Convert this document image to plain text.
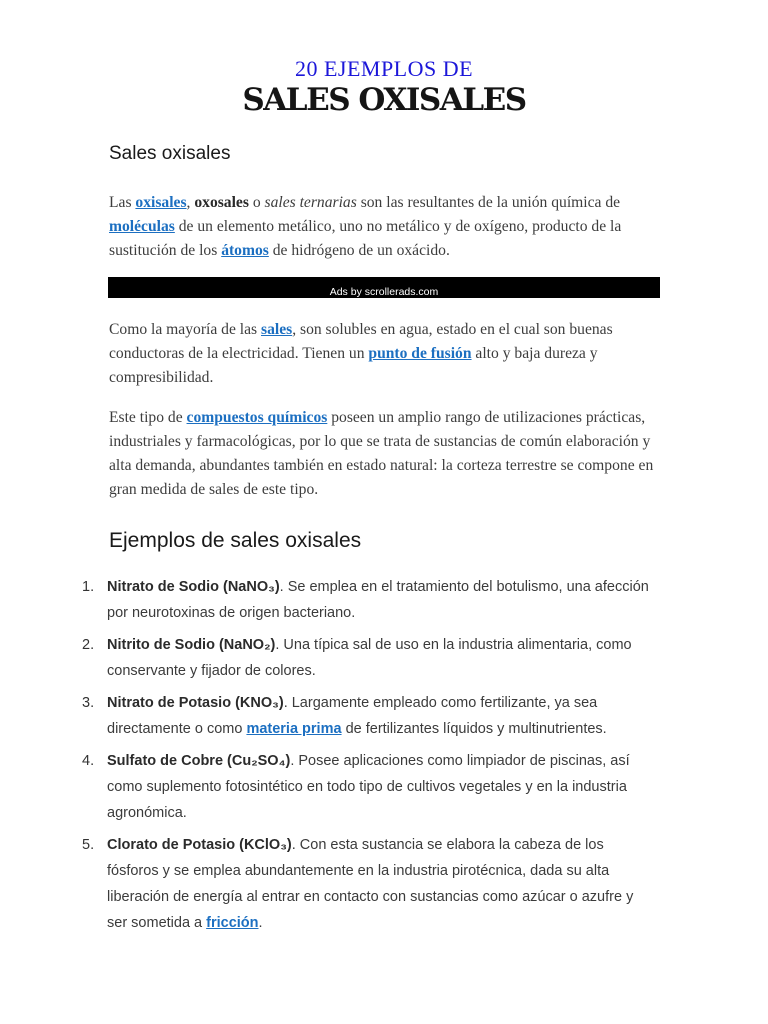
20 EJEMPLOS DE
SALES OXISALES
Sales oxisales

Las oxisales, oxosales o sales ternarias son las resultantes de la unión química de moléculas de un elemento metálico, uno no metálico y de oxígeno, producto de la sustitución de los átomos de hidrógeno de un oxácido.

Ads by scrollerads.com

Como la mayoría de las sales, son solubles en agua, estado en el cual son buenas conductoras de la electricidad. Tienen un punto de fusión alto y baja dureza y compresibilidad.

Este tipo de compuestos químicos poseen un amplio rango de utilizaciones prácticas, industriales y farmacológicas, por lo que se trata de sustancias de común elaboración y alta demanda, abundantes también en estado natural: la corteza terrestre se compone en gran medida de sales de este tipo.

Ejemplos de sales oxisales
1. Nitrato de Sodio (NaNO₃). Se emplea en el tratamiento del botulismo, una afección por neurotoxinas de origen bacteriano.
2. Nitrito de Sodio (NaNO₂). Una típica sal de uso en la industria alimentaria, como conservante y fijador de colores.
3. Nitrato de Potasio (KNO₃). Largamente empleado como fertilizante, ya sea directamente o como materia prima de fertilizantes líquidos y multinutrientes.
4. Sulfato de Cobre (Cu₂SO₄). Posee aplicaciones como limpiador de piscinas, así como suplemento fotosintético en todo tipo de cultivos vegetales y en la industria agronómica.
5. Clorato de Potasio (KClO₃). Con esta sustancia se elabora la cabeza de los fósforos y se emplea abundantemente en la industria pirotécnica, dada su alta liberación de energía al entrar en contacto con sustancias como azúcar o azufre y ser sometida a fricción.
